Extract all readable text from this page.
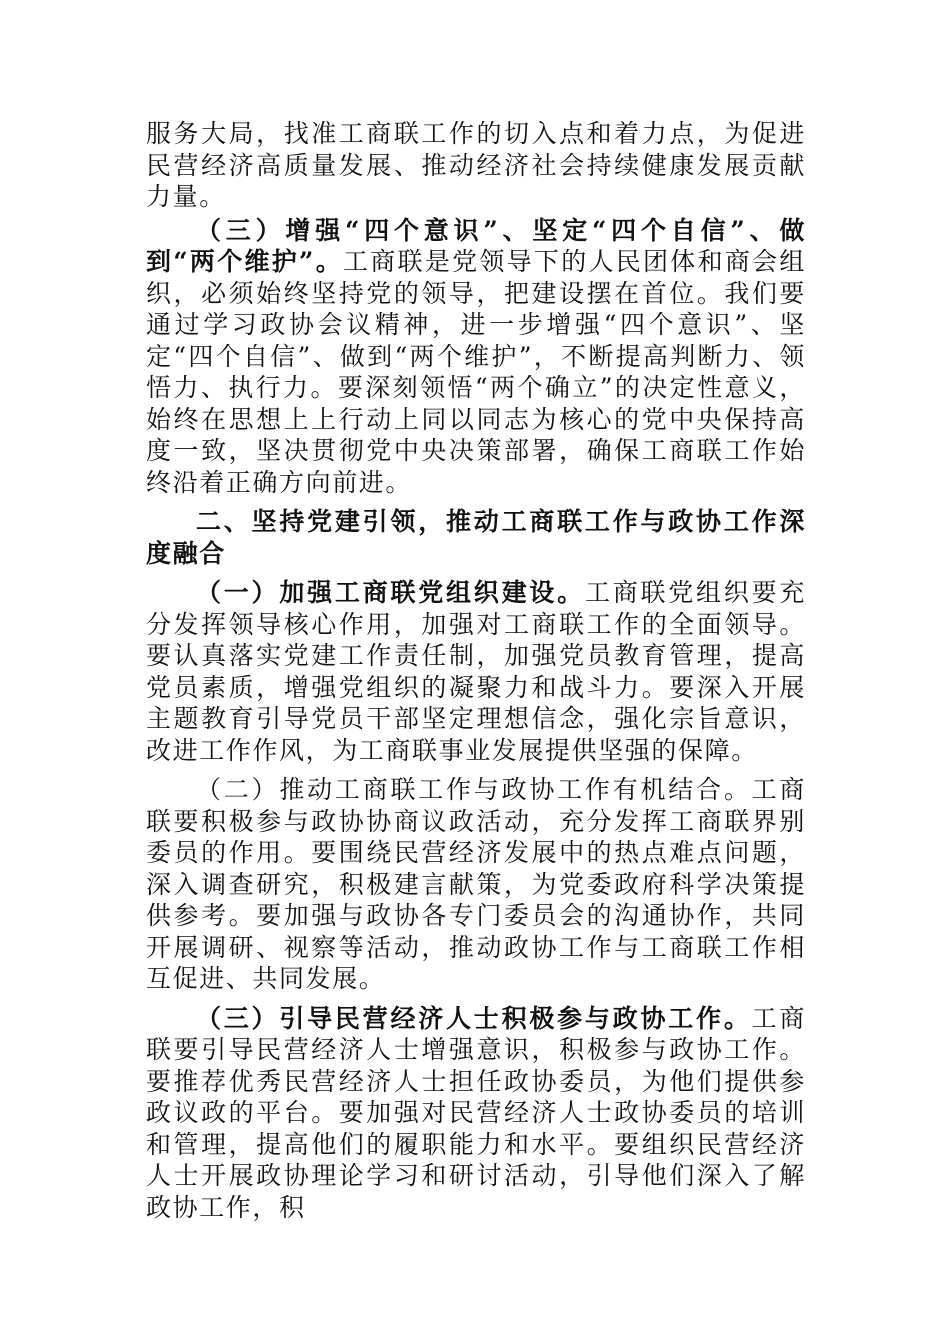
服务大局，找准工商联工作的切入点和着力点，为促进民营经济高质量发展、推动经济社会持续健康发展贡献力量。

（三）增强“四个意识”、坚定“四个自信”、做到“两个维护”。工商联是党领导下的人民团体和商会组织，必须始终坚持党的领导，把建设摆在首位。我们要通过学习政协会议精神，进一步增强“四个意识”、坚定“四个自信”、做到“两个维护”，不断提高判断力、领悟力、执行力。要深刻领悟“两个确立”的决定性意义，始终在思想上上行动上同以同志为核心的党中央保持高度一致，坚决贯彻党中央决策部署，确保工商联工作始终沿着正确方向前进。

二、坚持党建引领，推动工商联工作与政协工作深度融合

（一）加强工商联党组织建设。工商联党组织要充分发挥领导核心作用，加强对工商联工作的全面领导。要认真落实党建工作责任制，加强党员教育管理，提高党员素质，增强党组织的凝聚力和战斗力。要深入开展主题教育引导党员干部坚定理想信念，强化宗旨意识，改进工作作风，为工商联事业发展提供坚强的保障。

（二）推动工商联工作与政协工作有机结合。工商联要积极参与政协协商议政活动，充分发挥工商联界别委员的作用。要围绕民营经济发展中的热点难点问题，深入调查研究，积极建言献策，为党委政府科学决策提供参考。要加强与政协各专门委员会的沟通协作，共同开展调研、视察等活动，推动政协工作与工商联工作相互促进、共同发展。

（三）引导民营经济人士积极参与政协工作。工商联要引导民营经济人士增强意识，积极参与政协工作。要推荐优秀民营经济人士担任政协委员，为他们提供参政议政的平台。要加强对民营经济人士政协委员的培训和管理，提高他们的履职能力和水平。要组织民营经济人士开展政协理论学习和研讨活动，引导他们深入了解政协工作，积
